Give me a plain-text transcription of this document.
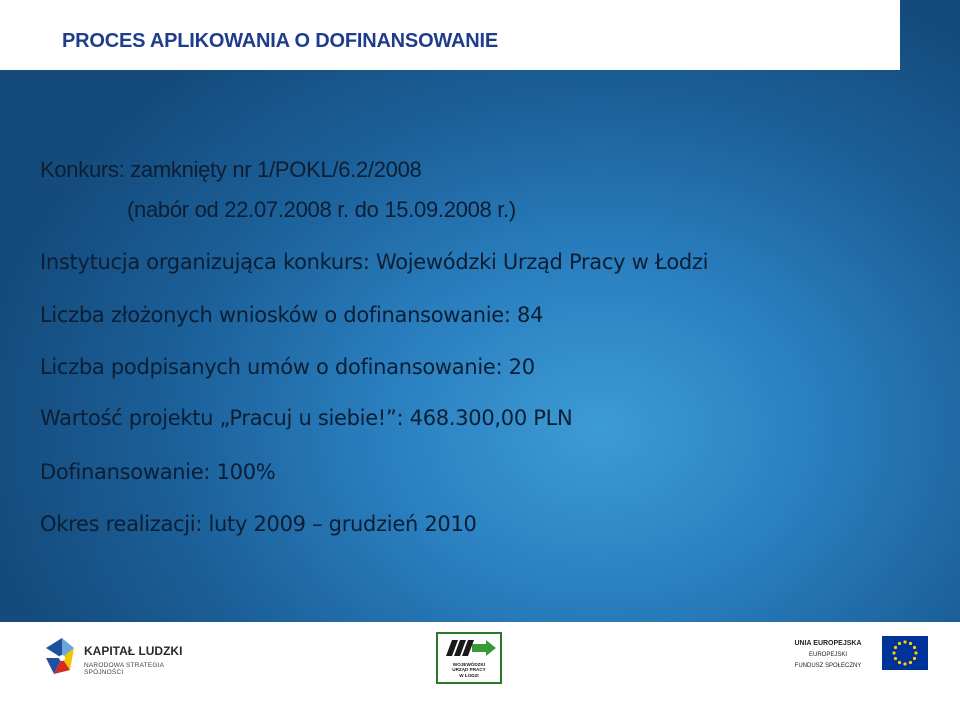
PROCES APLIKOWANIA O DOFINANSOWANIE

Konkurs: zamknięty nr 1/POKL/6.2/2008

(nabór od 22.07.2008 r. do 15.09.2008 r.)

Instytucja organizująca konkurs: Wojewódzki Urząd Pracy w Łodzi

Liczba złożonych wniosków o dofinansowanie: 84

Liczba podpisanych umów o dofinansowanie: 20

Wartość projektu „Pracuj u siebie!”: 468.300,00 PLN

Dofinansowanie: 100%

Okres realizacji: luty 2009 – grudzień 2010

KAPITAŁ LUDZKI
NARODOWA STRATEGIA SPÓJNOŚCI
WOJEWÓDZKI
URZĄD PRACY
W ŁODZI
UNIA EUROPEJSKA
EUROPEJSKI
FUNDUSZ SPOŁECZNY
